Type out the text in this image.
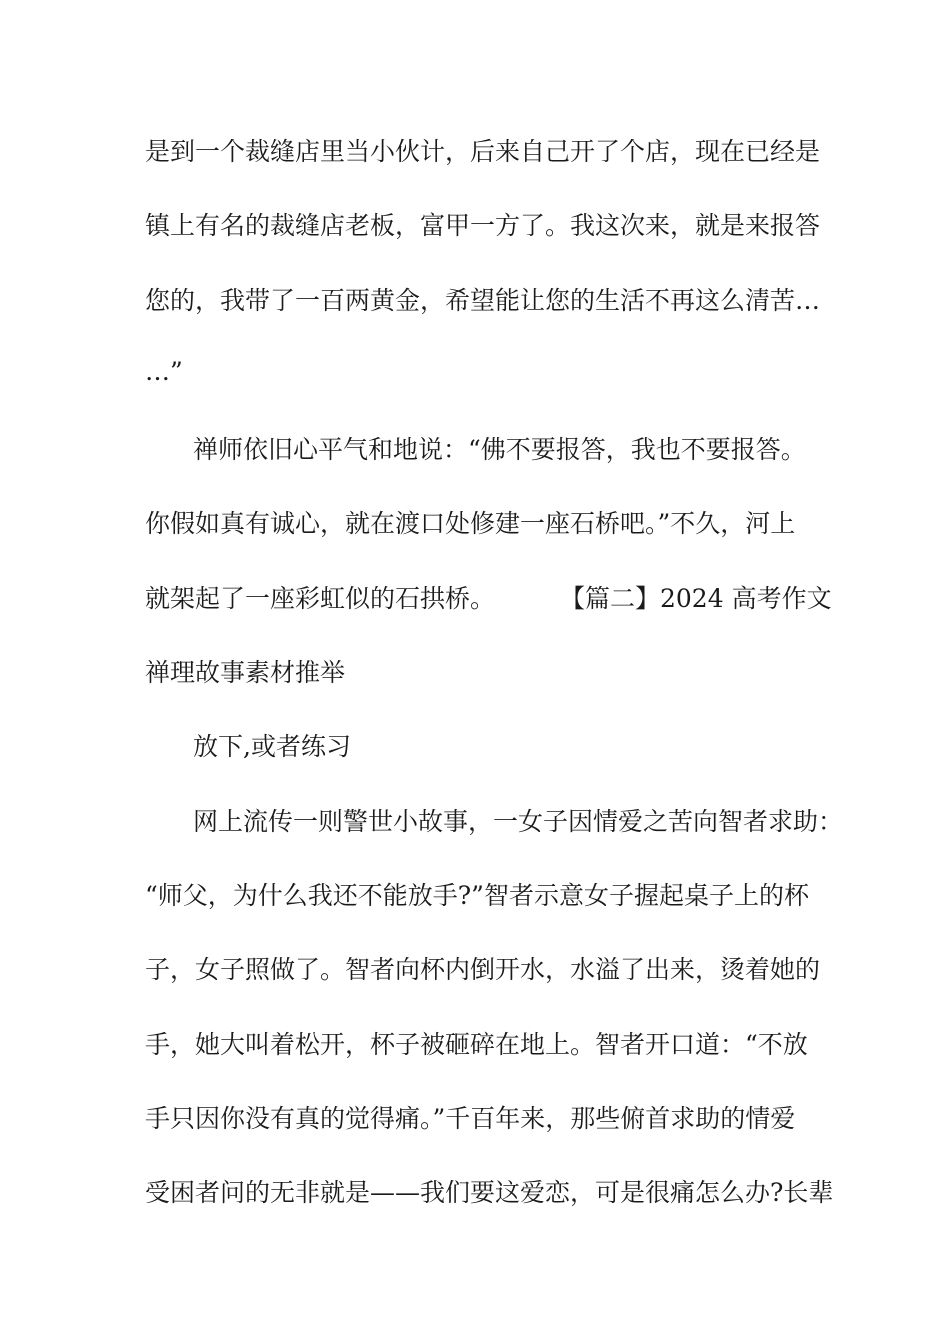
是到一个裁缝店里当小伙计，后来自己开了个店，现在已经是
镇上有名的裁缝店老板，富甲一方了。我这次来，就是来报答
您的，我带了一百两黄金，希望能让您的生活不再这么清苦…
…”
禅师依旧心平气和地说：“佛不要报答，我也不要报答。
你假如真有诚心，就在渡口处修建一座石桥吧。”不久，河上
就架起了一座彩虹似的石拱桥。	【篇二】2024 高考作文
禅理故事素材推举
放下,或者练习
网上流传一则警世小故事，一女子因情爱之苦向智者求助：
“师父，为什么我还不能放手?”智者示意女子握起桌子上的杯
子，女子照做了。智者向杯内倒开水，水溢了出来，烫着她的
手，她大叫着松开，杯子被砸碎在地上。智者开口道：“不放
手只因你没有真的觉得痛。”千百年来，那些俯首求助的情爱
受困者问的无非就是——我们要这爱恋，可是很痛怎么办?长辈
